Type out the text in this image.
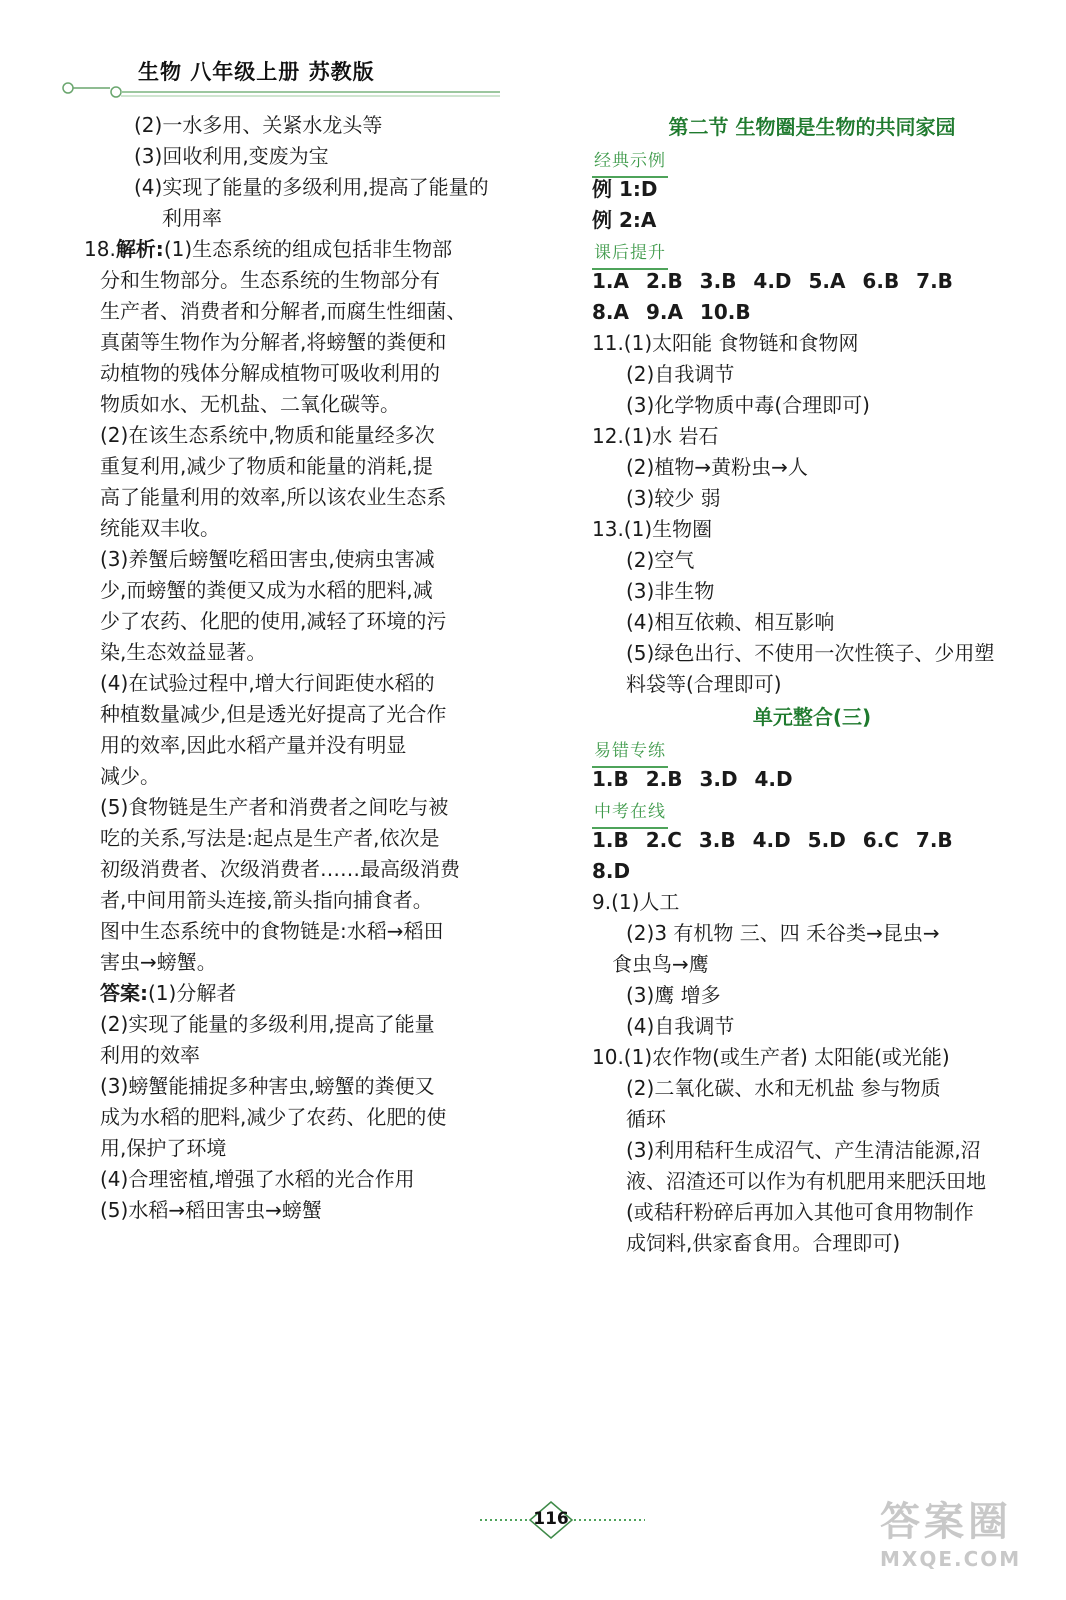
生物 八年级上册 苏教版
(2)一水多用、关紧水龙头等
(3)回收利用,变废为宝
(4)实现了能量的多级利用,提高了能量的
利用率
18.解析:(1)生态系统的组成包括非生物部
分和生物部分。生态系统的生物部分有
生产者、消费者和分解者,而腐生性细菌、
真菌等生物作为分解者,将螃蟹的粪便和
动植物的残体分解成植物可吸收利用的
物质如水、无机盐、二氧化碳等。
(2)在该生态系统中,物质和能量经多次
重复利用,减少了物质和能量的消耗,提
高了能量利用的效率,所以该农业生态系
统能双丰收。
(3)养蟹后螃蟹吃稻田害虫,使病虫害减
少,而螃蟹的粪便又成为水稻的肥料,减
少了农药、化肥的使用,减轻了环境的污
染,生态效益显著。
(4)在试验过程中,增大行间距使水稻的
种植数量减少,但是透光好提高了光合作
用的效率,因此水稻产量并没有明显
减少。
(5)食物链是生产者和消费者之间吃与被
吃的关系,写法是:起点是生产者,依次是
初级消费者、次级消费者……最高级消费
者,中间用箭头连接,箭头指向捕食者。
图中生态系统中的食物链是:水稻→稻田
害虫→螃蟹。
答案:(1)分解者
(2)实现了能量的多级利用,提高了能量
利用的效率
(3)螃蟹能捕捉多种害虫,螃蟹的粪便又
成为水稻的肥料,减少了农药、化肥的使
用,保护了环境
(4)合理密植,增强了水稻的光合作用
(5)水稻→稻田害虫→螃蟹
第二节 生物圈是生物的共同家园
经典示例
例 1:D
例 2:A
课后提升
1.A 2.B 3.B 4.D 5.A 6.B 7.B
8.A 9.A 10.B
11.(1)太阳能 食物链和食物网
(2)自我调节
(3)化学物质中毒(合理即可)
12.(1)水 岩石
(2)植物→黄粉虫→人
(3)较少 弱
13.(1)生物圈
(2)空气
(3)非生物
(4)相互依赖、相互影响
(5)绿色出行、不使用一次性筷子、少用塑
料袋等(合理即可)
单元整合(三)
易错专练
1.B 2.B 3.D 4.D
中考在线
1.B 2.C 3.B 4.D 5.D 6.C 7.B
8.D
9.(1)人工
(2)3 有机物 三、四 禾谷类→昆虫→
食虫鸟→鹰
(3)鹰 增多
(4)自我调节
10.(1)农作物(或生产者) 太阳能(或光能)
(2)二氧化碳、水和无机盐 参与物质
循环
(3)利用秸秆生成沼气、产生清洁能源,沼
液、沼渣还可以作为有机肥用来肥沃田地
(或秸秆粉碎后再加入其他可食用物制作
成饲料,供家畜食用。合理即可)
116	答案圈
MXQE.COM
